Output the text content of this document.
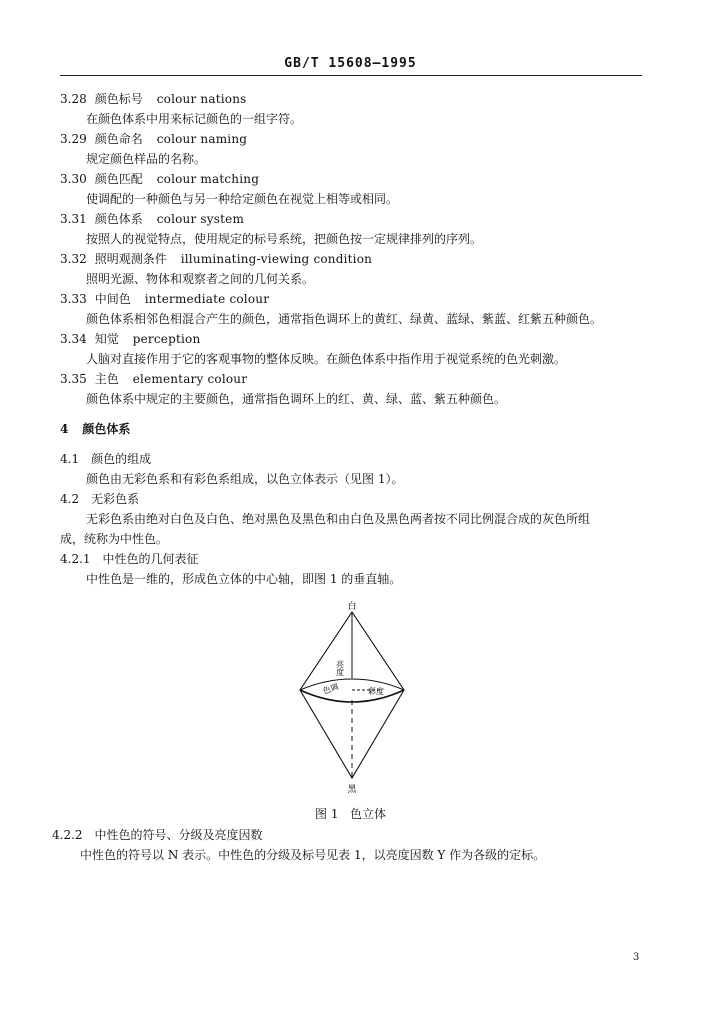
GB/T 15608—1995
3.28 颜色标号 colour nations
在颜色体系中用来标记颜色的一组字符。
3.29 颜色命名 colour naming
规定颜色样品的名称。
3.30 颜色匹配 colour matching
使调配的一种颜色与另一种给定颜色在视觉上相等或相同。
3.31 颜色体系 colour system
按照人的视觉特点，使用规定的标号系统，把颜色按一定规律排列的序列。
3.32 照明观测条件 illuminating-viewing condition
照明光源、物体和观察者之间的几何关系。
3.33 中间色 intermediate colour
颜色体系相邻色相混合产生的颜色，通常指色调环上的黄红、绿黄、蓝绿、紫蓝、红紫五种颜色。
3.34 知觉 perception
人脑对直接作用于它的客观事物的整体反映。在颜色体系中指作用于视觉系统的色光刺激。
3.35 主色 elementary colour
颜色体系中规定的主要颜色，通常指色调环上的红、黄、绿、蓝、紫五种颜色。
4 颜色体系
4.1 颜色的组成
颜色由无彩色系和有彩色系组成，以色立体表示（见图 1）。
4.2 无彩色系
无彩色系由绝对白色及白色、绝对黑色及黑色和由白色及黑色两者按不同比例混合成的灰色所组
成，统称为中性色。
4.2.1 中性色的几何表征
中性色是一维的，形成色立体的中心轴，即图 1 的垂直轴。
白
亮度
色调	彩度
黑
图 1   色立体
4.2.2 中性色的符号、分级及亮度因数
中性色的符号以 N 表示。中性色的分级及标号见表 1，以亮度因数 Y 作为各级的定标。
3
